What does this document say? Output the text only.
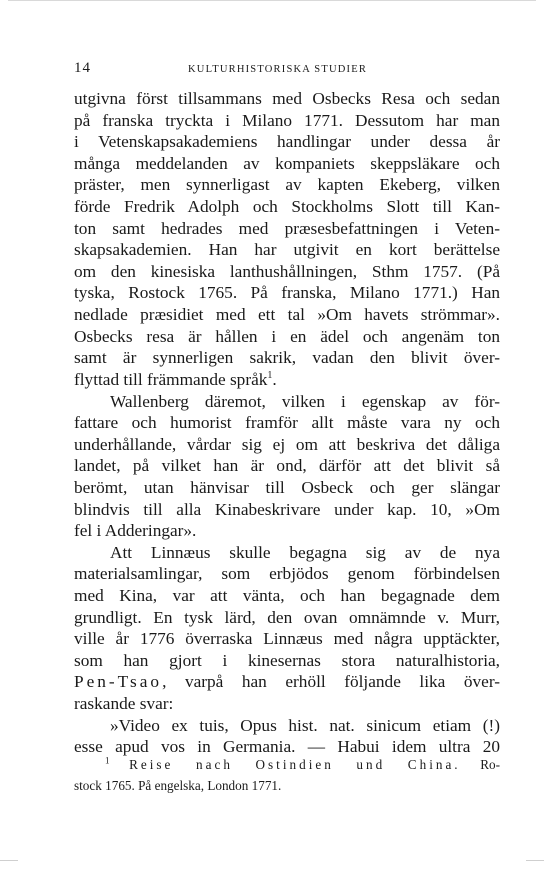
14	KULTURHISTORISKA STUDIER
utgivna först tillsammans med Osbecks Resa och sedan
på franska tryckta i Milano 1771. Dessutom har man
i Vetenskapsakademiens handlingar under dessa år
många meddelanden av kompaniets skeppsläkare och
präster, men synnerligast av kapten Ekeberg, vilken
förde Fredrik Adolph och Stockholms Slott till Kan-
ton samt hedrades med præsesbefattningen i Veten-
skapsakademien. Han har utgivit en kort berättelse
om den kinesiska lanthushållningen, Sthm 1757. (På
tyska, Rostock 1765. På franska, Milano 1771.) Han
nedlade præsidiet med ett tal »Om havets strömmar».
Osbecks resa är hållen i en ädel och angenäm ton
samt är synnerligen sakrik, vadan den blivit över-
flyttad till främmande språk$^1$.
Wallenberg däremot, vilken i egenskap av för-
fattare och humorist framför allt måste vara ny och
underhållande, vårdar sig ej om att beskriva det dåliga
landet, på vilket han är ond, därför att det blivit så
berömt, utan hänvisar till Osbeck och ger slängar
blindvis till alla Kinabeskrivare under kap. 10, »Om
fel i Adderingar».
Att Linnæus skulle begagna sig av de nya
materialsamlingar, som erbjödos genom förbindelsen
med Kina, var att vänta, och han begagnade dem
grundligt. En tysk lärd, den ovan omnämnde v. Murr,
ville år 1776 överraska Linnæus med några upptäckter,
som han gjort i kinesernas stora naturalhistoria,
Pen-Tsao, varpå han erhöll följande lika över-
raskande svar:
»Video ex tuis, Opus hist. nat. sinicum etiam (!)
esse apud vos in Germania. — Habui idem ultra 20
$^1$ Reise nach Ostindien und China. Ro-
stock 1765. På engelska, London 1771.
